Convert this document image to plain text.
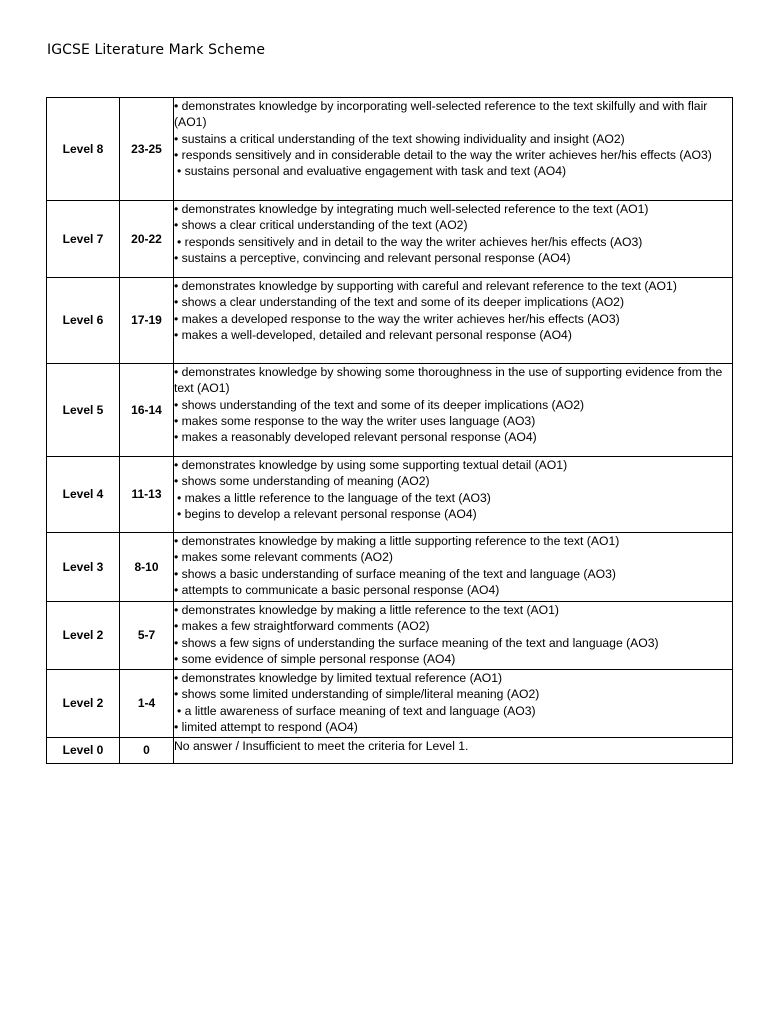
IGCSE Literature Mark Scheme
Level 8	23-25	• demonstrates knowledge by incorporating well-selected reference to the text skilfully and with flair (AO1)
• sustains a critical understanding of the text showing individuality and insight (AO2)
• responds sensitively and in considerable detail to the way the writer achieves her/his effects (AO3)
• sustains personal and evaluative engagement with task and text (AO4)

Level 7	20-22	• demonstrates knowledge by integrating much well-selected reference to the text (AO1)
• shows a clear critical understanding of the text (AO2)
• responds sensitively and in detail to the way the writer achieves her/his effects (AO3)
• sustains a perceptive, convincing and relevant personal response (AO4)

Level 6	17-19	• demonstrates knowledge by supporting with careful and relevant reference to the text (AO1)
• shows a clear understanding of the text and some of its deeper implications (AO2)
• makes a developed response to the way the writer achieves her/his effects (AO3)
• makes a well-developed, detailed and relevant personal response (AO4)

Level 5	16-14	• demonstrates knowledge by showing some thoroughness in the use of supporting evidence from the text (AO1)
• shows understanding of the text and some of its deeper implications (AO2)
• makes some response to the way the writer uses language (AO3)
• makes a reasonably developed relevant personal response (AO4)

Level 4	11-13	• demonstrates knowledge by using some supporting textual detail (AO1)
• shows some understanding of meaning (AO2)
• makes a little reference to the language of the text (AO3)
• begins to develop a relevant personal response (AO4)

Level 3	8-10	• demonstrates knowledge by making a little supporting reference to the text (AO1)
• makes some relevant comments (AO2)
• shows a basic understanding of surface meaning of the text and language (AO3)
• attempts to communicate a basic personal response (AO4)

Level 2	5-7	• demonstrates knowledge by making a little reference to the text (AO1)
• makes a few straightforward comments (AO2)
• shows a few signs of understanding the surface meaning of the text and language (AO3)
• some evidence of simple personal response (AO4)

Level 2	1-4	• demonstrates knowledge by limited textual reference (AO1)
• shows some limited understanding of simple/literal meaning (AO2)
• a little awareness of surface meaning of text and language (AO3)
• limited attempt to respond (AO4)

Level 0	0	No answer / Insufficient to meet the criteria for Level 1.
